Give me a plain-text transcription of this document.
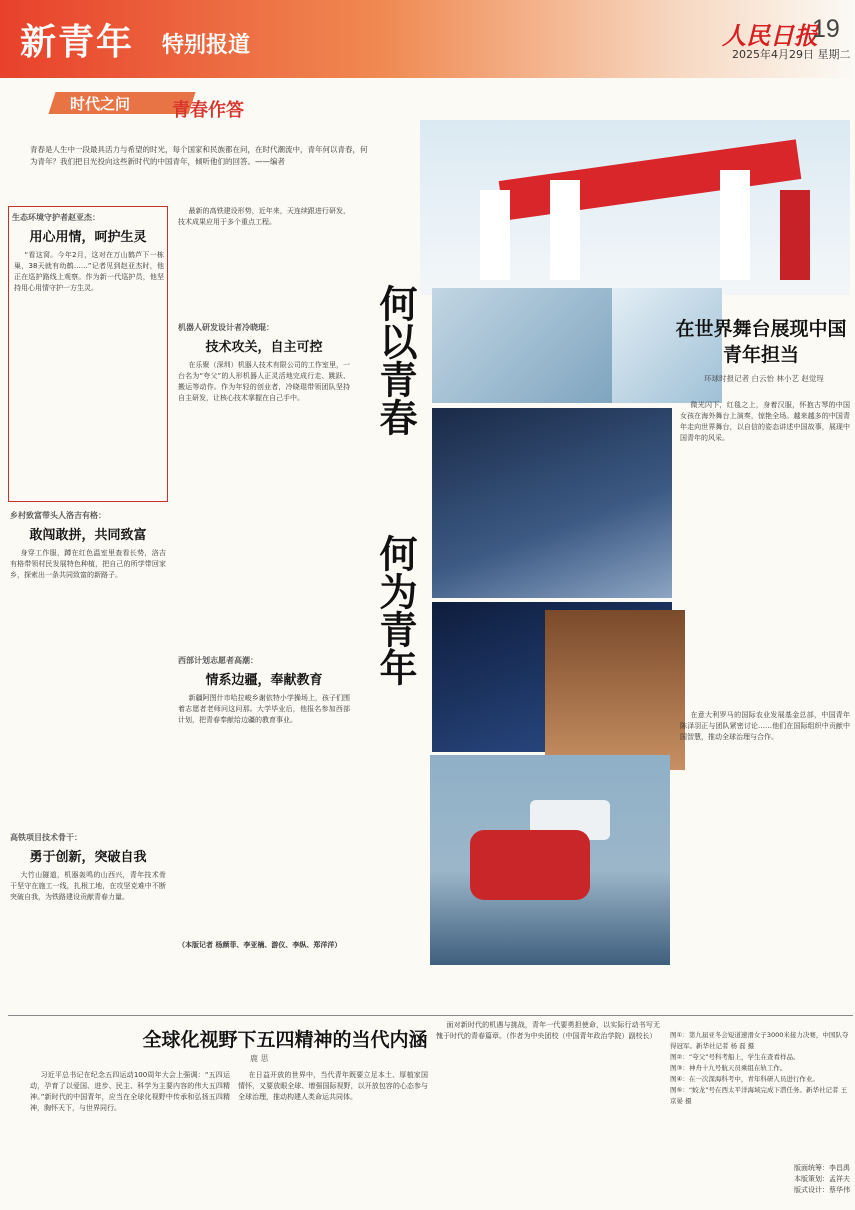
新青年 特别报道	人民日报
19
2025年4月29日 星期二
时代之问 青春作答
青春是人生中一段最具活力与希望的时光，每个国家和民族都在问，在时代潮流中，青年何以青春，何为青年？我们把目光投向这些新时代的中国青年，倾听他们的回答。——编者
何以青春
何为青年
生态环境守护者赵亚杰：
用心用情，呵护生灵

“看这窝。今年2月，这对在万山鹤芦下一栋巢，38天就有幼鹤……”记者见到赵亚杰时，他正在巡护路线上观察。作为新一代巡护员，他坚持用心用情守护一方生灵。

乡村致富带头人洛吉有格：
敢闯敢拼，共同致富

身穿工作服，蹲在红色温室里查看长势，洛吉有格带领村民发展特色种植，把自己的所学带回家乡，探索出一条共同致富的新路子。

高铁项目技术骨干：
勇于创新，突破自我

大竹山隧道，机器轰鸣的山西兴，青年技术骨干坚守在施工一线，扎根工地，在攻坚克难中不断突破自我，为铁路建设贡献青春力量。

最新的高铁建设形势，近年来，天连续跟进行研发，技术成果应用于多个重点工程。

机器人研发设计者冷晓琨：
技术攻关，自主可控

在乐聚（深圳）机器人技术有限公司的工作室里，一台名为“夸父”的人形机器人正灵活地完成行走、跳跃、搬运等动作。作为年轻的创业者，冷晓琨带领团队坚持自主研发，让核心技术掌握在自己手中。

西部计划志愿者高潮：
情系边疆，奉献教育

新疆阿图什市哈拉峻乡谢依特小学操场上，孩子们围着志愿者老师问这问那。大学毕业后，他报名参加西部计划，把青春奉献给边疆的教育事业。

（本版记者 杨颜菲、李亚楠、游仪、李纵、郑洋洋）
在世界舞台展现中国青年担当
环球时报记者 白云怡 林小艺 赵觉珵

微光闪下，红毯之上，身着汉服，怀抱古琴的中国女孩在海外舞台上演奏，惊艳全场。越来越多的中国青年走向世界舞台，以自信的姿态讲述中国故事，展现中国青年的风采。

在意大利罗马的国际农业发展基金总部，中国青年陈泽羽正与团队紧密讨论……他们在国际组织中贡献中国智慧，推动全球治理与合作。

全球化视野下五四精神的当代内涵
鹿 思

习近平总书记在纪念五四运动100周年大会上强调：“五四运动，孕育了以爱国、进步、民主、科学为主要内容的伟大五四精神。”新时代的中国青年，应当在全球化视野中传承和弘扬五四精神，胸怀天下，与世界同行。

在日益开放的世界中，当代青年既要立足本土、厚植家国情怀，又要放眼全球、增强国际视野，以开放包容的心态参与全球治理，推动构建人类命运共同体。

面对新时代的机遇与挑战，青年一代要勇担使命，以实际行动书写无愧于时代的青春篇章。（作者为中央团校（中国青年政治学院）副校长）	图①：第九届亚冬会短道速滑女子3000米接力决赛，中国队夺得冠军。新华社记者 杨 磊 摄
图②：“夸父”号科考船上，学生在查看样品。
图③：神舟十九号航天员乘组在轨工作。
图④：在一次深海科考中，青年科研人员进行作业。
图⑤：“蛟龙”号在西太平洋海域完成下潜任务。新华社记者 王京晏 摄
版面统筹：李昌禹
本版策划：孟祥夫
版式设计：蔡华伟
